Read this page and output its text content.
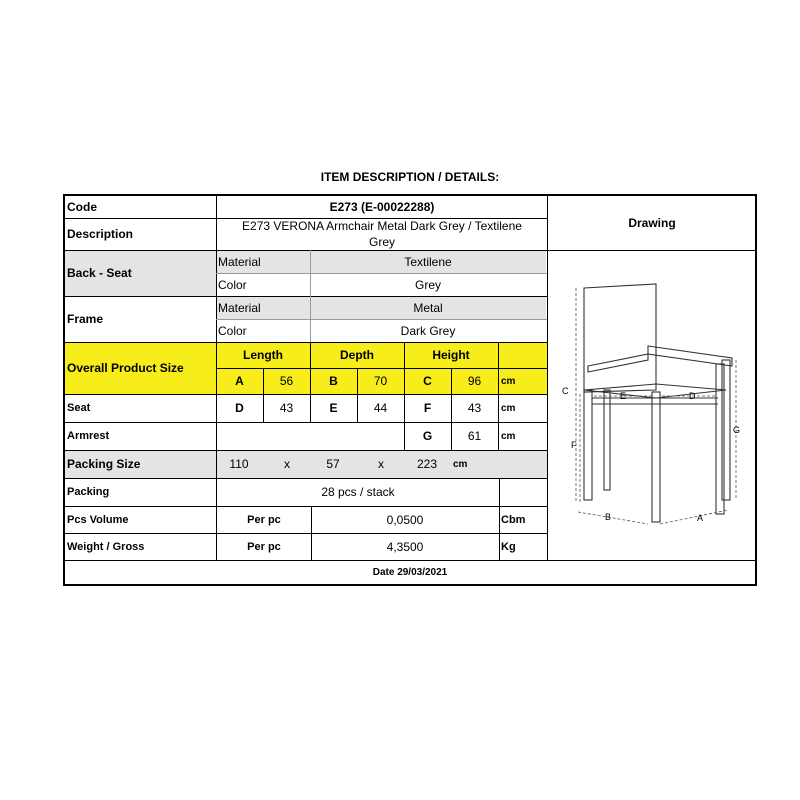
ITEM DESCRIPTION / DETAILS:
Code	E273 (E-00022288)
Drawing
Description
E273 VERONA Armchair Metal Dark Grey / Textilene
Grey
Back - Seat
Material	Textilene
Color	Grey
Frame
Material	Metal
Color	Dark Grey
Overall Product Size
Length	Depth	Height
A	56	B	70	C	96	cm
Seat	D	43	E	44	F	43	cm
Armrest	G	61	cm
Packing Size	110	x	57	x	223	cm
Packing	28 pcs / stack
Pcs Volume	Per pc	0,0500	Cbm
Weight / Gross	Per pc	4,3500	Kg
Date 29/03/2021
C
F
E	D
G
B	A
